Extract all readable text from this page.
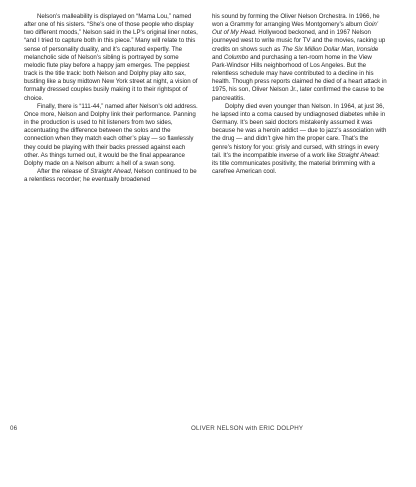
Nelson’s malleability is displayed on “Mama Lou,” named after one of his sisters. “She’s one of those people who display two different moods,” Nelson said in the LP’s original liner notes, “and I tried to capture both in this piece.” Many will relate to this sense of personality duality, and it’s captured expertly. The melancholic side of Nelson’s sibling is portrayed by some melodic flute play before a happy jam emerges. The peppiest track is the title track: both Nelson and Dolphy play alto sax, bustling like a busy midtown New York street at night, a vision of formally dressed couples busily making it to their rightspot of choice.

Finally, there is “111-44,” named after Nelson’s old address. Once more, Nelson and Dolphy link their performance. Panning in the production is used to hit listeners from two sides, accentuating the difference between the solos and the connection when they match each other’s play — so flawlessly they could be playing with their backs pressed against each other. As things turned out, it would be the final appearance Dolphy made on a Nelson album: a hell of a swan song.

After the release of Straight Ahead, Nelson continued to be a relentless recorder; he eventually broadened

his sound by forming the Oliver Nelson Orchestra. In 1966, he won a Grammy for arranging Wes Montgomery’s album Goin’ Out of My Head. Hollywood beckoned, and in 1967 Nelson journeyed west to write music for TV and the movies, racking up credits on shows such as The Six Million Dollar Man, Ironside and Columbo and purchasing a ten-room home in the View Park-Windsor Hills neighborhood of Los Angeles. But the relentless schedule may have contributed to a decline in his health. Though press reports claimed he died of a heart attack in 1975, his son, Oliver Nelson Jr., later confirmed the cause to be pancreatitis.

Dolphy died even younger than Nelson. In 1964, at just 36, he lapsed into a coma caused by undiagnosed diabetes while in Germany. It’s been said doctors mistakenly assumed it was because he was a heroin addict — due to jazz’s association with the drug — and didn’t give him the proper care. That’s the genre’s history for you: grisly and cursed, with strings in every tail. It’s the incompatible inverse of a work like Straight Ahead: its title communicates positivity, the material brimming with a carefree American cool.

06	OLIVER NELSON with ERIC DOLPHY
